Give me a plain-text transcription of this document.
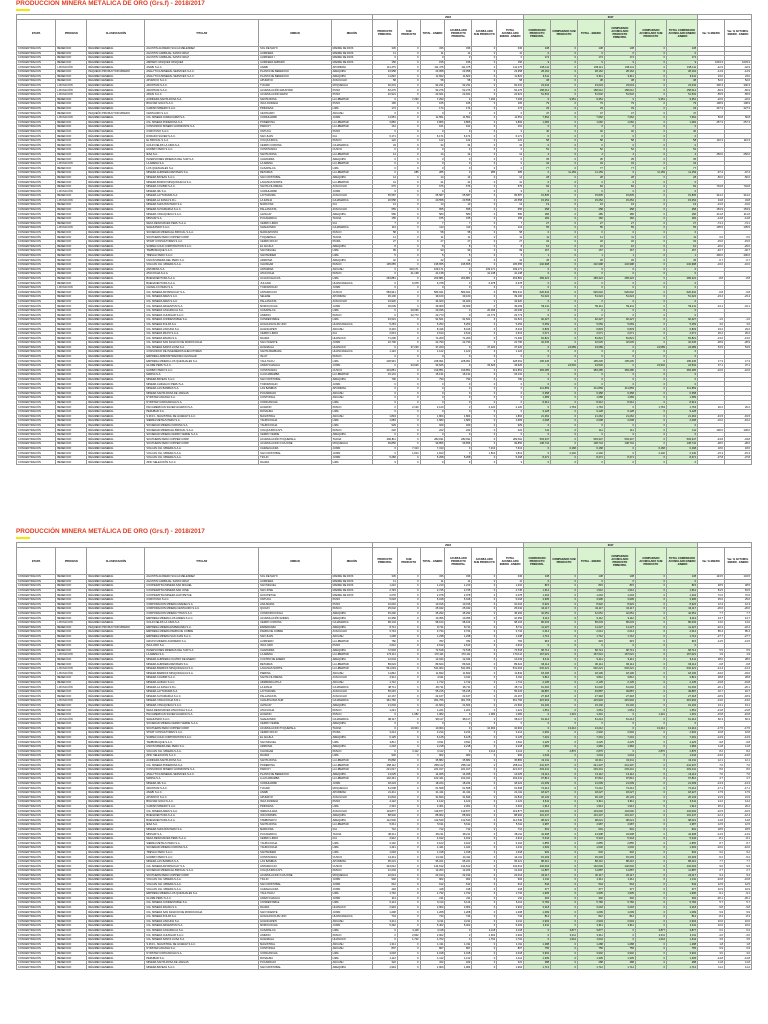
PRODUCCIÓN MINERA METÁLICA DE ORO (Grs.f) - 2018/2017
						2018						2017							
ETAPA	PROCESO	CLASIFICACIÓN	TITULAR	UNIDAD	REGIÓN	PRODUCTO PRINCIPAL	SUB PRODUCTO	TOTAL - ENERO	ACUMULADO PRODUCTO PRINCIPAL	ACUMULADO SUB PRODUCTO	TOTAL ACUMULADO ENERO - ENERO	COMPARADO PRODUCTO PRINCIPAL	COMPARADO SUB PRODUCTO	TOTAL - ENERO	COMPARADO ACUMULADO PRODUCTO PRINCIPAL	COMPARADO ACUMULADO SUB PRODUCTO	TOTAL COMPARADO ACUMULADO ENERO - ENERO	Var. % ENERO	Var. % ACTUMUL ENERO - ENERO
CONCENTRACIÓN	BENEFICIO	RÉGIMEN GENERAL	AGUSTIN ALFREDO SULCA MELENDEZ	SOL DE MAYO	MADRE DE DIOS	336	0	336	336	0	336	138	0	138	138	0	138		
CONCENTRACIÓN	BENEFICIO	RÉGIMEN GENERAL	AGUSTIN CARBAJAL SANTA CRUZ	AURIFERA	MADRE DE DIOS	11	0	11	11	0	11	0	0	0	0	0	0		
CONCENTRACIÓN	BENEFICIO	RÉGIMEN GENERAL	AGUSTIN CARBAJAL SANTA CRUZ	AURIFERA I	MADRE DE DIOS	0	0	0	0	0	0	174	0	174	174	0	174		
CONCENTRACIÓN	BENEFICIO	RÉGIMEN GENERAL	AMPARO VASQUEZ VASQUEZ	AURIFERA AMPARO	MADRE DE DIOS	156	0	156	156	0	156	9	0	9	9	0	9	1633.3	1633.3
CONCENTRACIÓN	LIXIVIACIÓN	RÉGIMEN GENERAL	ANABI S.A.C.	ANABI	APURIMAC	111,475	0	111,475	111,475	0	111,475	195,111	0	195,111	195,111	0	195,111	-42.9	-42.9
CONCENTRACIÓN	BENEFICIO	PEQUEÑO PRODUCTOR MINERO	ANALYTICA MINERAL SERVICES S.A.C.	PLANTA DE BENEFICIO	AREQUIPA	23,958	0	23,958	23,958	0	23,958	28,162	0	28,162	28,162	0	28,162	-14.9	-14.9
CONCENTRACIÓN	BENEFICIO	RÉGIMEN GENERAL	ANALYTICA MINERAL SERVICES S.A.C.	PLANTA DE BENEFICIO	AREQUIPA	11,822	0	11,822	11,822	0	11,822	9,611	0	9,611	9,611	0	9,611	23.0	23.0
CONCENTRACIÓN	BENEFICIO	RÉGIMEN GENERAL	APUMAYO S.A.C.	APUMAYO	AYACUCHO	58	0	58	58	0	58	38	0	38	38	0	38	52.6	52.6
CONCENTRACIÓN	LIXIVIACIÓN	RÉGIMEN GENERAL	ARUNTANI S.A.C.	TUCARI	MOQUEGUA	92,231	0	92,231	92,231	0	92,231	23,043	0	23,043	23,043	0	23,043	300.3	300.3
CONCENTRACIÓN	LIXIVIACIÓN	RÉGIMEN GENERAL	ARUNTANI S.A.C.	ACUMULACIÓN ARUNTANI	PUNO	52,276	0	52,276	52,276	0	52,276	158,012	0	158,012	158,012	0	158,012	-66.9	-66.9
CONCENTRACIÓN	LIXIVIACIÓN	RÉGIMEN GENERAL	ARASI S.A.C.	ACUMULACIÓN ARASI	PUNO	22,921	0	22,921	22,921	0	22,921	51,532	0	51,532	51,532	0	51,532	-55.5	-55.5
CONCENTRACIÓN	BENEFICIO	RÉGIMEN GENERAL	AURIFERA SANTA ROSA S.A.	SANTA ROSA	LA LIBERTAD	0	7,293	7,293	0	7,293	7,293	0	9,351	9,351	0	9,351	9,351	-22.0	-22.0
CONCENTRACIÓN	BENEFICIO	RÉGIMEN GENERAL	BOLIVAR GOLD S.A.C.	INCA DORADA	PUNO	165	0	165	165	0	165	79	0	79	79	0	79	108.9	108.9
CONCENTRACIÓN	BENEFICIO	RÉGIMEN GENERAL	CAMINO MINERO S.A.C.	PRINCESA	LIMA	174	0	174	174	0	174	33	0	33	33	0	33	427.3	427.3
CONCENTRACIÓN	BENEFICIO	PEQUEÑO PRODUCTOR MINERO	CENTAURO S.A.C.	CENTAURO	ANCASH	0	0	0	0	0	0	47	0	47	47	0	47		
CONCENTRACIÓN	LIXIVIACIÓN	RÉGIMEN GENERAL	CIA. MINERA CORIHUARMI S.A.	CORIHUARMI	JUNIN	11,551	0	11,551	11,551	0	11,551	7,662	0	7,662	7,662	0	7,662	50.8	50.8
CONCENTRACIÓN	BENEFICIO	RÉGIMEN GENERAL	CIA. MINERA PODEROSA S.A.	PODEROSA	LA LIBERTAD	3,866	0	3,866	3,866	0	3,866	1,082	0	1,082	1,082	0	1,082	257.3	257.3
CONCENTRACIÓN	BENEFICIO	RÉGIMEN GENERAL	CONSORCIO MINERO HORIZONTE S.A.	PARCOY	LA LIBERTAD	161	0	161	161	0	161	0	0	0	0	0	0		
CONCENTRACIÓN	BENEFICIO	RÉGIMEN GENERAL	CORI PUNO S.A.C.	UNTUCA	PUNO	0	0	0	0	0	0	40	0	40	40	0	40		
CONCENTRACIÓN	BENEFICIO	RÉGIMEN GENERAL	DORADO SILVER S.A.C.	SAN JUAN	ICA	6,171	0	6,171	6,171	0	6,171	0	0	0	0	0	0		
CONCENTRACIÓN	BENEFICIO	RÉGIMEN GENERAL	EL BROCAL S.A.A.	COLQUIJIRCA	PASCO	122	0	122	122	0	122	58	0	58	58	0	58	110.3	110.3
CONCENTRACIÓN	BENEFICIO	RÉGIMEN GENERAL	GOLD FIELDS LA CIMA S.A.	CERRO CORONA	CAJAMARCA	34	0	34	34	0	34	0	0	0	0	0	0		
CONCENTRACIÓN	BENEFICIO	RÉGIMEN GENERAL	HUDBAY PERU S.A.C.	CONSTANCIA	CUSCO	0	0	0	0	0	0	52	0	52	52	0	52		
CONCENTRACIÓN	BENEFICIO	RÉGIMEN GENERAL	IESA S.A.	SANTA ROSA	LA LIBERTAD	14	0	14	14	0	14	4	0	4	4	0	4	250.0	250.0
CONCENTRACIÓN	BENEFICIO	RÉGIMEN GENERAL	INVERSIONES MINERAS DEL SUR S.A.	CHAPARRA	AREQUIPA	0	0	0	0	0	0	35	0	35	35	0	35		
CONCENTRACIÓN	LIXIVIACIÓN	RÉGIMEN GENERAL	LA ARENA S.A.	LA ARENA	LA LIBERTAD	0	0	0	0	0	0	34	0	34	34	0	34		
CONCENTRACIÓN	BENEFICIO	RÉGIMEN GENERAL	LOS QUENUALES S.A.	CASAPALCA	LIMA	0	0	0	0	0	0	77	0	77	77	0	77		
CONCENTRACIÓN	BENEFICIO	RÉGIMEN GENERAL	MINERA AURIFERA RETAMAS S.A.	RETAMAS	LA LIBERTAD	0	285	285	0	285	285	0	11,159	11,159	0	11,159	11,159	-97.4	-97.4
CONCENTRACIÓN	BENEFICIO	RÉGIMEN GENERAL	MINERA BATEAS S.A.C.	SAN CRISTOBAL	AREQUIPA	14	0	14	14	0	14	28	0	28	28	0	28	-50.0	-50.0
CONCENTRACIÓN	BENEFICIO	RÉGIMEN GENERAL	MINERA BOROO MISQUICHILCA S.A.	LAGUNAS NORTE	LA LIBERTAD	41	0	41	41	0	41	0	0	0	0	0	0		
CONCENTRACIÓN	BENEFICIO	RÉGIMEN GENERAL	MINERA COLIBRI S.A.C.	SANTA FILOMENA	AYACUCHO	676	0	676	676	0	676	84	0	84	84	0	84	704.8	704.8
CONCENTRACIÓN	LIXIVIACIÓN	RÉGIMEN GENERAL	MINERA IRL S.A.	CORIHUARMI	JUNIN	9	0	9	9	0	9	0	0	0	0	0	0		
CONCENTRACIÓN	BENEFICIO	RÉGIMEN GENERAL	MINERA LAYTARUMA S.A.	LAYTARUMA	AYACUCHO	65,587	0	65,587	65,587	0	65,587	15,835	0	15,835	15,835	0	15,835	314.2	314.2
CONCENTRACIÓN	LIXIVIACIÓN	RÉGIMEN GENERAL	MINERA LA ZANJA S.R.L.	LA ZANJA	CAJAMARCA	20,558	0	20,558	20,558	0	20,558	15,252	0	15,252	15,252	0	15,252	34.8	34.8
CONCENTRACIÓN	BENEFICIO	RÉGIMEN GENERAL	MINERA SHOUXIN PERU S.A.	MARCONA	ICA	13	0	13	13	0	13	19	0	19	19	0	19	-31.6	-31.6
CONCENTRACIÓN	BENEFICIO	RÉGIMEN GENERAL	MINERA SUYAMARCA S.A.C.	PALLANCATA	AYACUCHO	655	0	655	655	0	655	258	0	258	258	0	258	153.9	153.9
CONCENTRACIÓN	BENEFICIO	RÉGIMEN GENERAL	MINERA YANAQUIHUA S.A.C.	ALPACAY	AREQUIPA	580	0	580	580	0	580	186	0	186	186	0	186	211.8	211.8
CONCENTRACIÓN	BENEFICIO	RÉGIMEN GENERAL	MINSUR S.A.	PUCAMARCA	TACNA	155	0	155	155	0	155	182	0	182	182	0	182	-14.8	-14.8
CONCENTRACIÓN	BENEFICIO	RÉGIMEN GENERAL	NEXA RESOURCES PERU S.A.A.	CERRO LINDO	ICA	7	0	7	7	0	7	27	0	27	27	0	27	-74.1	-74.1
CONCENTRACIÓN	LIXIVIACIÓN	RÉGIMEN GENERAL	SHAHUINDO S.A.C.	SHAHUINDO	CAJAMARCA	113	0	113	113	0	113	55	0	55	55	0	55	105.5	105.5
CONCENTRACIÓN	BENEFICIO	RÉGIMEN GENERAL	SOCIEDAD MINERA EL BROCAL S.A.A.	MARCAPUNTA	PASCO	58	0	58	58	0	58	0	0	0	0	0	0		
CONCENTRACIÓN	BENEFICIO	RÉGIMEN GENERAL	SOUTHERN PERU COPPER CORP.	TOQUEPALA	TACNA	11	0	11	11	0	11	11	0	11	11	0	11	0.0	0.0
CONCENTRACIÓN	BENEFICIO	RÉGIMEN GENERAL	STRAT CONSULTORES S.A.C.	CERRO ROJO	PIURA	27	0	27	27	0	27	32	0	32	32	0	32	-15.6	-15.6
CONCENTRACIÓN	BENEFICIO	RÉGIMEN GENERAL	SUMMA GOLD CORPORATION S.A.C.	EL AGUILA	AREQUIPA	8	0	8	8	0	8	10	0	10	10	0	10	-20.0	-20.0
CONCENTRACIÓN	BENEFICIO	RÉGIMEN GENERAL	TAMBORAQUE S.A.C.	SAN MIGUEL	LIMA	99	0	99	99	0	99	167	0	167	167	0	167	-40.7	-40.7
CONCENTRACIÓN	BENEFICIO	RÉGIMEN GENERAL	TREVALI PERU S.A.C.	SANTANDER	LIMA	5	0	5	5	0	5	1	0	1	1	0	1	400.0	400.0
CONCENTRACIÓN	BENEFICIO	RÉGIMEN GENERAL	UNION MINERA DEL PERU S.A.	ARMONIA	AREQUIPA	42	0	42	42	0	42	45	0	45	45	0	45	-6.7	-6.7
CONCENTRACIÓN	BENEFICIO	RÉGIMEN GENERAL	VOLCAN CIA. MINERA S.A.A.	CHUNGAR	PASCO	195,655	0	195,655	195,655	0	195,655	232,998	0	232,998	232,998	0	232,998	-16.0	-16.0
CONCENTRACIÓN	BENEFICIO	RÉGIMEN GENERAL	ANTAMINA S.A.	ANTAMINA	ANCASH	0	109,171	109,171	0	109,171	109,171	0	0	0	0	0	0		
CONCENTRACIÓN	BENEFICIO	RÉGIMEN GENERAL	ATACOCHA S.A.A.	ATACOCHA	PASCO	0	41,138	41,138	0	41,138	41,138	0	0	0	0	0	0		
CONCENTRACIÓN	BENEFICIO	RÉGIMEN GENERAL	BUENAVENTURA S.A.A.	UCHUCCHACUA	LIMA	263,881	0	263,881	263,881	0	263,881	289,324	0	289,324	289,324	0	289,324	-8.8	-8.8
CONCENTRACIÓN	BENEFICIO	RÉGIMEN GENERAL	BUENAVENTURA S.A.A.	JULCANI	HUANCAVELICA	0	6,378	6,378	0	6,378	6,378	0	0	0	0	0	0		
CONCENTRACIÓN	LIXIVIACIÓN	RÉGIMEN GENERAL	CHINALCO PERU S.A.	TOROMOCHO	JUNIN	0	0	0	0	0	0	0	0	0	0	0	0		
CONCENTRACIÓN	BENEFICIO	RÉGIMEN GENERAL	CIA. MINERA ANTAPACCAY S.A.	ANTAPACCAY	CUSCO	583,941	0	583,941	583,941	0	583,941	626,642	0	626,642	626,642	0	626,642	-6.8	-6.8
CONCENTRACIÓN	BENEFICIO	RÉGIMEN GENERAL	CIA. MINERA ARES S.A.C.	SELENE	APURIMAC	39,100	0	39,100	39,100	0	39,100	51,024	0	51,024	51,024	0	51,024	-23.4	-23.4
CONCENTRACIÓN	BENEFICIO	RÉGIMEN GENERAL	CIA. MINERA ARES S.A.C.	PALLANCATA	AYACUCHO	34,920	0	34,920	34,920	0	34,920	0	0	0	0	0	0		
CONCENTRACIÓN	BENEFICIO	RÉGIMEN GENERAL	CIA. MINERA ARGENTUM S.A.	MOROCOCHA	JUNIN	39,009	0	39,009	39,009	0	39,009	59,211	0	59,211	59,211	0	59,211	-34.1	-34.1
CONCENTRACIÓN	BENEFICIO	RÉGIMEN GENERAL	CIA. MINERA CASAPALCA S.A.	CASAPALCA	LIMA	0	20,036	20,036	0	20,036	20,036	0	0	0	0	0	0		
CONCENTRACIÓN	BENEFICIO	RÉGIMEN GENERAL	CIA. MINERA CHUNGAR S.A.C.	ANIMON	PASCO	0	22,773	22,773	0	22,773	22,773	0	0	0	0	0	0		
CONCENTRACIÓN	BENEFICIO	RÉGIMEN GENERAL	CIA. MINERA CONDESTABLE S.A.	CONDESTABLE	LIMA	91,521	0	91,521	91,521	0	91,521	92,427	0	92,427	92,427	0	92,427	-1.0	-1.0
CONCENTRACIÓN	BENEFICIO	RÉGIMEN GENERAL	CIA. MINERA KOLPA S.A.	HUACHOCOLPA UNO	HUANCAVELICA	5,253	0	5,253	5,253	0	5,253	5,069	0	5,069	5,069	0	5,069	3.6	3.6
CONCENTRACIÓN	BENEFICIO	RÉGIMEN GENERAL	CIA. MINERA LINCUNA S.A.	HUANCAPETI	ANCASH	8,416	0	8,416	8,416	0	8,416	6,833	0	6,833	6,833	0	6,833	23.2	23.2
CONCENTRACIÓN	BENEFICIO	RÉGIMEN GENERAL	CIA. MINERA MILPO S.A.A.	CERRO LINDO	ICA	2,613	0	2,613	2,613	0	2,613	2,071	0	2,071	2,071	0	2,071	26.2	26.2
CONCENTRACIÓN	BENEFICIO	RÉGIMEN GENERAL	CIA. MINERA RAURA S.A.	RAURA	HUANUCO	71,200	0	71,200	71,200	0	71,200	81,821	0	81,821	81,821	0	81,821	-13.0	-13.0
CONCENTRACIÓN	BENEFICIO	RÉGIMEN GENERAL	CIA. MINERA SAN IGNACIO DE MOROCOCHA	SAN VICENTE	JUNIN	22,790	0	22,790	22,790	0	22,790	32,045	0	32,045	32,045	0	32,045	-28.9	-28.9
CONCENTRACIÓN	BENEFICIO	RÉGIMEN GENERAL	CIA. MINERA SANTA LUISA S.A.	HUANZALA	HUANUCO	0	37,220	37,220	0	37,220	37,220	0	24,089	24,089	0	24,089	24,089	54.5	54.5
CONCENTRACIÓN	BENEFICIO	RÉGIMEN GENERAL	CONSORCIO DE INGENIEROS EJECUTORES	SANTA BARBARA	HUANCAVELICA	1,122	0	1,122	1,122	0	1,122	0	0	0	0	0	0		
CONCENTRACIÓN	BENEFICIO	RÉGIMEN GENERAL	EMPRESA ADMINISTRADORA CHUNGAR	ISLAY	PASCO	0	0	0	0	0	0	0	0	0	0	0	0		
CONCENTRACIÓN	BENEFICIO	RÉGIMEN GENERAL	EMPRESA MINERA LOS QUENUALES S.A.	YAULIYACU	LIMA	228,991	0	228,991	228,991	0	228,991	195,245	0	195,245	195,245	0	195,245	17.3	17.3
CONCENTRACIÓN	BENEFICIO	RÉGIMEN GENERAL	GLORE PERU S.A.C.	ANDAYCHAGUA	JUNIN	0	33,626	33,626	0	33,626	33,626	0	24,532	24,532	0	24,532	24,532	37.1	37.1
CONCENTRACIÓN	BENEFICIO	RÉGIMEN GENERAL	HUDBAY PERU S.A.C.	CONSTANCIA	CUSCO	319,851	0	319,851	319,851	0	319,851	383,285	0	383,285	383,285	0	383,285	-16.6	-16.6
CONCENTRACIÓN	BENEFICIO	RÉGIMEN GENERAL	MARSA S.A.	LLACUABAMBA	LA LIBERTAD	15,131	0	15,131	15,131	0	15,131	0	0	0	0	0	0		
CONCENTRACIÓN	BENEFICIO	RÉGIMEN GENERAL	MINERA BATEAS S.A.C.	SAN CRISTOBAL	AREQUIPA	790	0	790	790	0	790	0	0	0	0	0	0		
CONCENTRACIÓN	BENEFICIO	RÉGIMEN GENERAL	MINERA CHINALCO PERU S.A.	TOROMOCHO	JUNIN	0	0	0	0	0	0	0	0	0	0	0	0		
CONCENTRACIÓN	BENEFICIO	RÉGIMEN GENERAL	MINERA LAS BAMBAS S.A.	LAS BAMBAS	APURIMAC	0	0	0	0	0	0	411,869	0	411,869	411,869	0	411,869		
CONCENTRACIÓN	BENEFICIO	RÉGIMEN GENERAL	MINERA SANTA ROSA DE JANGAS	PUCARRAJO	ANCASH	0	0	0	0	0	0	6,358	0	6,358	6,358	0	6,358		
CONCENTRACIÓN	BENEFICIO	RÉGIMEN GENERAL	NYRSTAR ANCASH S.A.	CONTONGA	ANCASH	0	0	0	0	0	0	1,689	0	1,689	1,689	0	1,689		
CONCENTRACIÓN	BENEFICIO	RÉGIMEN GENERAL	NYRSTAR CORICANCHA S.A.	CORICANCHA	LIMA	0	0	0	0	0	0	8,312	0	8,312	8,312	0	8,312		
CONCENTRACIÓN	BENEFICIO	RÉGIMEN GENERAL	PAN AMERICAN SILVER HUARON S.A.	HUARON	PASCO	0	2,120	2,120	0	2,120	2,120	0	1,763	1,763	0	1,763	1,763	20.2	20.2
CONCENTRACIÓN	BENEFICIO	RÉGIMEN GENERAL	PERUBAR S.A.	ROSAURA	LIMA	0	0	0	0	0	0	9,128	0	9,128	9,128	0	9,128		
CONCENTRACIÓN	BENEFICIO	RÉGIMEN GENERAL	S.M.R.L. MAGISTRAL DE HUARAZ S.A.C.	MAGISTRAL	ANCASH	1,804	0	1,804	1,804	0	1,804	21,262	0	21,262	21,262	0	21,262	-91.5	-91.5
CONCENTRACIÓN	BENEFICIO	RÉGIMEN GENERAL	SIERRA METALS PERU S.A.	YAURICOCHA	LIMA	1,683	0	1,683	1,683	0	1,683	2,008	0	2,008	2,008	0	2,008	-16.2	-16.2
CONCENTRACIÓN	BENEFICIO	RÉGIMEN GENERAL	SOCIEDAD MINERA CORONA S.A.	YAURICOCHA	LIMA	929	0	929	929	0	929	0	0	0	0	0	0		
CONCENTRACIÓN	BENEFICIO	RÉGIMEN GENERAL	SOCIEDAD MINERA EL BROCAL S.A.A.	COLQUIJIRCA N°1	PASCO	222	0	222	222	0	222	111	0	111	111	0	111	100.0	100.0
CONCENTRACIÓN	BENEFICIO	RÉGIMEN GENERAL	SOCIEDAD MINERA CERRO VERDE S.A.A.	CERRO VERDE	AREQUIPA	0	0	0	0	0	0	0	0	0	0	0	0		
CONCENTRACIÓN	BENEFICIO	RÉGIMEN GENERAL	SOUTHERN PERU COPPER CORP.	ACUMULACIÓN TOQUEPALA	TACNA	282,811	0	282,811	282,811	0	282,811	503,347	0	503,347	503,347	0	503,347	-43.8	-43.8
CONCENTRACIÓN	BENEFICIO	RÉGIMEN GENERAL	SOUTHERN PERU COPPER CORP.	ACUMULACIÓN CUAJONE	MOQUEGUA	99,856	0	99,856	99,856	0	99,856	138,744	0	138,744	138,744	0	138,744	-28.0	-28.0
CONCENTRACIÓN	BENEFICIO	RÉGIMEN GENERAL	VOLCAN CIA. MINERA S.A.A.	CARAHUACRA	JUNIN	0	7,313	7,313	0	7,313	7,313	0	6,168	6,168	0	6,168	6,168	18.6	18.6
CONCENTRACIÓN	BENEFICIO	RÉGIMEN GENERAL	VOLCAN CIA. MINERA S.A.A.	SAN CRISTOBAL	JUNIN	0	1,813	1,813	0	1,813	1,813	0	2,140	2,140	0	2,140	2,140	-15.3	-15.3
CONCENTRACIÓN	BENEFICIO	RÉGIMEN GENERAL	VOLCAN CIA. MINERA S.A.A.	TICLIO	JUNIN	5,268	0	5,268	5,268	0	5,268	8,471	0	8,471	8,471	0	8,471	-37.8	-37.8
CONCENTRACIÓN	BENEFICIO	RÉGIMEN GENERAL	ZINC SELECCIÓN S.A.C.	RAURA	LIMA	9	0	9	9	0	9	0	0	0	0	0	0		
PRODUCCIÓN MINERA METÁLICA DE ORO (Grs.f) - 2018/2017
						2018						2017							
ETAPA	PROCESO	CLASIFICACIÓN	TITULAR	UNIDAD	REGIÓN	PRODUCTO PRINCIPAL	SUB PRODUCTO	TOTAL - ENERO	ACUMULADO PRODUCTO PRINCIPAL	ACUMULADO SUB PRODUCTO	TOTAL ACUMULADO ENERO - ENERO	COMPARADO PRODUCTO PRINCIPAL	COMPARADO SUB PRODUCTO	TOTAL - ENERO	COMPARADO ACUMULADO PRODUCTO PRINCIPAL	COMPARADO ACUMULADO SUB PRODUCTO	TOTAL COMPARADO ACUMULADO ENERO - ENERO	Var. % ENERO	Var. % ACTUMUL ENERO - ENERO
CONCENTRACIÓN	BENEFICIO	RÉGIMEN GENERAL	AGUSTIN ALFREDO SULCA MELENDEZ	SOL DE MAYO	MADRE DE DIOS	336	0	336	336	0	336	138	0	138	138	0	138	143.5	143.5
CONCENTRACIÓN	BENEFICIO	RÉGIMEN GENERAL	AGUSTIN CARBAJAL SANTA CRUZ	AURIFERA	MADRE DE DIOS	11	0	11	11	0	11	0	0	0	0	0	0		
CONCENTRACIÓN	BENEFICIO	RÉGIMEN GENERAL	COOPERATIVA MINERA SAN MIGUEL	SAN MIGUEL	MADRE DE DIOS	1,210	0	1,210	1,210	0	1,210	815	0	815	815	0	815	48.5	48.5
CONCENTRACIÓN	BENEFICIO	RÉGIMEN GENERAL	COOPERATIVA MINERA SAN JOSE	SAN JOSE	MADRE DE DIOS	2,745	0	2,745	2,745	0	2,745	1,512	0	1,512	1,512	0	1,512	81.5	81.5
CONCENTRACIÓN	BENEFICIO	RÉGIMEN GENERAL	COOPERATIVA MINERA HUAYPETUE	HUAYPETUE	MADRE DE DIOS	2,078	0	2,078	2,078	0	2,078	1,204	0	1,204	1,204	0	1,204	72.6	72.6
CONCENTRACIÓN	BENEFICIO	RÉGIMEN GENERAL	CORI PUNO S.A.C.	UNTUCA	PUNO	5,018	0	5,018	5,018	0	5,018	3,995	0	3,995	3,995	0	3,995	25.6	25.6
CONCENTRACIÓN	BENEFICIO	RÉGIMEN GENERAL	CORPORACIÓN MINERA ANANEA S.A.	ANA MARIA	PUNO	10,016	0	10,016	10,016	0	10,016	8,922	0	8,922	8,922	0	8,922	12.3	12.3
CONCENTRACIÓN	BENEFICIO	RÉGIMEN GENERAL	CORPORACIÓN MINERA CENTAURO S.A.C.	QUICAY	PASCO	25,042	0	25,042	25,042	0	25,042	34,117	0	34,117	34,117	0	34,117	-26.6	-26.6
CONCENTRACIÓN	BENEFICIO	RÉGIMEN GENERAL	CORPORACIÓN MINERA TITAN S.A.C.	CONDORCCOCHA	AREQUIPA	45,292	0	45,292	45,292	0	45,292	42,051	0	42,051	42,051	0	42,051	7.7	7.7
CONCENTRACIÓN	BENEFICIO	RÉGIMEN GENERAL	EMPRESA MINERA LOS ANDES S.A.C.	ACUMULACIÓN ANDES	AREQUIPA	10,356	0	10,356	10,356	0	10,356	9,112	0	9,112	9,112	0	9,112	13.7	13.7
CONCENTRACIÓN	LIXIVIACIÓN	RÉGIMEN GENERAL	GOLD FIELDS LA CIMA S.A.	CERRO CORONA	CAJAMARCA	98,104	0	98,104	98,104	0	98,104	86,033	0	86,033	86,033	0	86,033	14.0	14.0
CONCENTRACIÓN	BENEFICIO	PEQUEÑO PRODUCTOR MINERO	EMPRESA MINERA ESPERANZA S.A.	ESPERANZA	AREQUIPA	8,711	0	8,711	8,711	0	8,711	11,227	0	11,227	11,227	0	11,227	-22.4	-22.4
CONCENTRACIÓN	BENEFICIO	RÉGIMEN GENERAL	EMPRESA MINERA PAMPA DE COBRE	PAMPA DE COBRE	AYACUCHO	3,734	0	3,734	3,734	0	3,734	2,014	0	2,014	2,014	0	2,014	85.4	85.4
CONCENTRACIÓN	BENEFICIO	RÉGIMEN GENERAL	EMPRESA MINERA SAN JUAN S.A.C.	SAN JUAN	ANCASH	1,238	0	1,238	1,238	0	1,238	1,712	0	1,712	1,712	0	1,712	-27.7	-27.7
CONCENTRACIÓN	BENEFICIO	RÉGIMEN GENERAL	GRUPO MINERO AURIFERO S.A.	AURIFERO	LA LIBERTAD	782	0	782	782	0	782	915	0	915	915	0	915	-14.5	-14.5
CONCENTRACIÓN	BENEFICIO	RÉGIMEN GENERAL	INCA ORO S.A.	INCA ORO	PUNO	2,612	0	2,612	2,612	0	2,612	0	0	0	0	0	0		
CONCENTRACIÓN	BENEFICIO	RÉGIMEN GENERAL	INVERSIONES MINERAS DEL SUR S.A.	CHAPARRA	AREQUIPA	72,518	0	72,518	72,518	0	72,518	68,714	0	68,714	68,714	0	68,714	5.5	5.5
CONCENTRACIÓN	LIXIVIACIÓN	RÉGIMEN GENERAL	LA ARENA S.A.	LA ARENA	LA LIBERTAD	170,111	0	170,111	170,111	0	170,111	167,021	0	167,021	167,021	0	167,021	1.9	1.9
CONCENTRACIÓN	BENEFICIO	RÉGIMEN GENERAL	MINERA AURIFERA CUATRO DE ENERO	CUATRO DE ENERO	AREQUIPA	12,044	0	12,044	12,044	0	12,044	9,411	0	9,411	9,411	0	9,411	28.0	28.0
CONCENTRACIÓN	BENEFICIO	RÉGIMEN GENERAL	MINERA AURIFERA RETAMAS S.A.	RETAMAS	LA LIBERTAD	89,624	0	89,624	89,624	0	89,624	96,114	0	96,114	96,114	0	96,114	-6.8	-6.8
CONCENTRACIÓN	LIXIVIACIÓN	RÉGIMEN GENERAL	MINERA BARRICK MISQUICHILCA S.A.	LAGUNAS NORTE	LA LIBERTAD	541,004	0	541,004	541,004	0	541,004	632,221	0	632,221	632,221	0	632,221	-14.4	-14.4
CONCENTRACIÓN	LIXIVIACIÓN	RÉGIMEN GENERAL	MINERA BARRICK MISQUICHILCA S.A.	PIERINA	ANCASH	11,842	0	11,842	11,842	0	11,842	18,106	0	18,106	18,106	0	18,106	-34.6	-34.6
CONCENTRACIÓN	BENEFICIO	RÉGIMEN GENERAL	MINERA COLIBRI S.A.C.	SANTA FILOMENA	AYACUCHO	4,911	0	4,911	4,911	0	4,911	3,812	0	3,812	3,812	0	3,812	28.8	28.8
CONCENTRACIÓN	BENEFICIO	RÉGIMEN GENERAL	MINERA HUINAC S.A.C.	ADMIRADA ATILA	ANCASH	1,712	0	1,712	1,712	0	1,712	2,135	0	2,135	2,135	0	2,135	-19.8	-19.8
CONCENTRACIÓN	LIXIVIACIÓN	RÉGIMEN GENERAL	MINERA LA ZANJA S.R.L.	LA ZANJA	CAJAMARCA	48,711	0	48,711	48,711	0	48,711	61,002	0	61,002	61,002	0	61,002	-20.1	-20.1
CONCENTRACIÓN	BENEFICIO	RÉGIMEN GENERAL	MINERA LAYTARUMA S.A.	LAYTARUMA	AYACUCHO	55,215	0	55,215	55,215	0	55,215	49,887	0	49,887	49,887	0	49,887	10.7	10.7
CONCENTRACIÓN	BENEFICIO	RÉGIMEN GENERAL	MINERA SUYAMARCA S.A.C.	PALLANCATA	AYACUCHO	22,167	0	22,167	22,167	0	22,167	27,318	0	27,318	27,318	0	27,318	-18.9	-18.9
CONCENTRACIÓN	LIXIVIACIÓN	RÉGIMEN GENERAL	MINERA YANACOCHA S.R.L.	CHAUPILOMA SUR	CAJAMARCA	361,766	0	361,766	361,766	0	361,766	415,904	0	415,904	415,904	0	415,904	-13.0	-13.0
CONCENTRACIÓN	BENEFICIO	RÉGIMEN GENERAL	MINERA YANAQUIHUA S.A.C.	ALPACAY	AREQUIPA	21,604	0	21,604	21,604	0	21,604	19,102	0	19,102	19,102	0	19,102	13.1	13.1
CONCENTRACIÓN	BENEFICIO	RÉGIMEN GENERAL	NEXA RESOURCES ATACOCHA S.A.A.	ATACOCHA	PASCO	1,221	0	1,221	1,221	0	1,221	1,561	0	1,561	1,561	0	1,561	-21.8	-21.8
CONCENTRACIÓN	BENEFICIO	RÉGIMEN GENERAL	PAN AMERICAN SILVER HUARON S.A.	HUARON	PASCO	0	1,082	1,082	0	1,082	1,082	0	1,301	1,301	0	1,301	1,301	-16.8	-16.8
CONCENTRACIÓN	LIXIVIACIÓN	RÉGIMEN GENERAL	SHAHUINDO S.A.C.	SHAHUINDO	CAJAMARCA	98,117	0	98,117	98,117	0	98,117	61,214	0	61,214	61,214	0	61,214	60.3	60.3
CONCENTRACIÓN	BENEFICIO	RÉGIMEN GENERAL	SOCIEDAD MINERA CERRO VERDE S.A.A.	CERRO VERDE	AREQUIPA	0	0	0	0	0	0	0	0	0	0	0	0		
CONCENTRACIÓN	BENEFICIO	RÉGIMEN GENERAL	SOUTHERN PERU COPPER CORP.	ACUMULACIÓN TOQUEPALA	TACNA	0	10,904	10,904	0	10,904	10,904	0	13,212	13,212	0	13,212	13,212	-17.5	-17.5
CONCENTRACIÓN	BENEFICIO	RÉGIMEN GENERAL	STRAT CONSULTORES S.A.C.	CERRO ROJO	PIURA	3,214	0	3,214	3,214	0	3,214	2,902	0	2,902	2,902	0	2,902	10.8	10.8
CONCENTRACIÓN	BENEFICIO	RÉGIMEN GENERAL	SUMMA GOLD CORPORATION S.A.C.	EL AGUILA	AREQUIPA	6,125	0	6,125	6,125	0	6,125	7,201	0	7,201	7,201	0	7,201	-14.9	-14.9
CONCENTRACIÓN	BENEFICIO	RÉGIMEN GENERAL	TAMBORAQUE S.A.C.	SAN MIGUEL	LIMA	3,811	0	3,811	3,811	0	3,811	4,225	0	4,225	4,225	0	4,225	-9.8	-9.8
CONCENTRACIÓN	BENEFICIO	RÉGIMEN GENERAL	UNION MINERA DEL PERU S.A.	ARMONIA	AREQUIPA	2,218	0	2,218	2,218	0	2,218	1,984	0	1,984	1,984	0	1,984	11.8	11.8
CONCENTRACIÓN	BENEFICIO	RÉGIMEN GENERAL	VOLCAN CIA. MINERA S.A.A.	CHUNGAR	PASCO	0	3,112	3,112	0	3,112	3,112	0	2,876	2,876	0	2,876	2,876	8.2	8.2
CONCENTRACIÓN	BENEFICIO	RÉGIMEN GENERAL	ZINC SELECCIÓN S.A.C.	RAURA	LIMA	902	0	902	902	0	902	1,044	0	1,044	1,044	0	1,044	-13.6	-13.6
CONCENTRACIÓN	BENEFICIO	RÉGIMEN GENERAL	AURIFERA SANTA ROSA S.A.	SANTA ROSA	LA LIBERTAD	35,882	0	35,882	35,882	0	35,882	32,011	0	32,011	32,011	0	32,011	12.1	12.1
CONCENTRACIÓN	BENEFICIO	RÉGIMEN GENERAL	CIA. MINERA PODEROSA S.A.	PODEROSA	LA LIBERTAD	258,112	0	258,112	258,112	0	258,112	241,337	0	241,337	241,337	0	241,337	7.0	7.0
CONCENTRACIÓN	BENEFICIO	RÉGIMEN GENERAL	CONSORCIO MINERO HORIZONTE S.A.	PARCOY	LA LIBERTAD	221,017	0	221,017	221,017	0	221,017	203,441	0	203,441	203,441	0	203,441	8.6	8.6
CONCENTRACIÓN	BENEFICIO	RÉGIMEN GENERAL	ANALYTICA MINERAL SERVICES S.A.C.	PLANTA DE BENEFICIO	AREQUIPA	14,025	0	14,025	14,025	0	14,025	13,112	0	13,112	13,112	0	13,112	7.0	7.0
CONCENTRACIÓN	BENEFICIO	RÉGIMEN GENERAL	MARSA S.A.	LLACUABAMBA	LA LIBERTAD	102,441	0	102,441	102,441	0	102,441	97,812	0	97,812	97,812	0	97,812	4.7	4.7
CONCENTRACIÓN	BENEFICIO	RÉGIMEN GENERAL	MINERA IRL S.A.	CORIHUARMI	JUNIN	18,224	0	18,224	18,224	0	18,224	21,009	0	21,009	21,009	0	21,009	-13.3	-13.3
CONCENTRACIÓN	BENEFICIO	RÉGIMEN GENERAL	ARUNTANI S.A.C.	TUCARI	MOQUEGUA	61,508	0	61,508	61,508	0	61,508	74,212	0	74,212	74,212	0	74,212	-17.1	-17.1
CONCENTRACIÓN	BENEFICIO	RÉGIMEN GENERAL	ANABI S.A.C.	ANABI	APURIMAC	21,411	0	21,411	21,411	0	21,411	18,227	0	18,227	18,227	0	18,227	17.5	17.5
CONCENTRACIÓN	BENEFICIO	RÉGIMEN GENERAL	APUMAYO S.A.C.	APUMAYO	AYACUCHO	31,844	0	31,844	31,844	0	31,844	26,133	0	26,133	26,133	0	26,133	21.9	21.9
CONCENTRACIÓN	BENEFICIO	RÉGIMEN GENERAL	BOLIVAR GOLD S.A.C.	INCA DORADA	PUNO	4,122	0	4,122	4,122	0	4,122	3,611	0	3,611	3,611	0	3,611	14.2	14.2
CONCENTRACIÓN	BENEFICIO	RÉGIMEN GENERAL	CAMINO MINERO S.A.C.	PRINCESA	LIMA	2,301	0	2,301	2,301	0	2,301	1,914	0	1,914	1,914	0	1,914	20.2	20.2
CONCENTRACIÓN	BENEFICIO	RÉGIMEN GENERAL	CIA. MINERA ARES S.A.C.	INMACULADA	AYACUCHO	119,877	0	119,877	119,877	0	119,877	134,002	0	134,002	134,002	0	134,002	-10.5	-10.5
CONCENTRACIÓN	BENEFICIO	RÉGIMEN GENERAL	BUENAVENTURA S.A.A.	ORCOPAMPA	AREQUIPA	88,902	0	88,902	88,902	0	88,902	101,447	0	101,447	101,447	0	101,447	-12.4	-12.4
CONCENTRACIÓN	BENEFICIO	RÉGIMEN GENERAL	BUENAVENTURA S.A.A.	TAMBOMAYO	AREQUIPA	112,540	0	112,540	112,540	0	112,540	98,021	0	98,021	98,021	0	98,021	14.8	14.8
CONCENTRACIÓN	BENEFICIO	RÉGIMEN GENERAL	IESA S.A.	SANTA ROSA	LA LIBERTAD	5,611	0	5,611	5,611	0	5,611	4,987	0	4,987	4,987	0	4,987	12.5	12.5
CONCENTRACIÓN	BENEFICIO	RÉGIMEN GENERAL	MINERA SHOUXIN PERU S.A.	MARCONA	ICA	712	0	712	712	0	712	601	0	601	601	0	601	18.5	18.5
CONCENTRACIÓN	BENEFICIO	RÉGIMEN GENERAL	MINSUR S.A.	PUCAMARCA	TACNA	38,211	0	38,211	38,211	0	38,211	44,908	0	44,908	44,908	0	44,908	-14.9	-14.9
CONCENTRACIÓN	BENEFICIO	RÉGIMEN GENERAL	NEXA RESOURCES PERU S.A.A.	CERRO LINDO	ICA	4,912	0	4,912	4,912	0	4,912	5,344	0	5,344	5,344	0	5,344	-8.1	-8.1
CONCENTRACIÓN	BENEFICIO	RÉGIMEN GENERAL	SIERRA METALS PERU S.A.	YAURICOCHA	LIMA	3,102	0	3,102	3,102	0	3,102	2,855	0	2,855	2,855	0	2,855	8.7	8.7
CONCENTRACIÓN	BENEFICIO	RÉGIMEN GENERAL	SOCIEDAD MINERA CORONA S.A.	YAURICOCHA	LIMA	1,441	0	1,441	1,441	0	1,441	1,602	0	1,602	1,602	0	1,602	-10.0	-10.0
CONCENTRACIÓN	BENEFICIO	RÉGIMEN GENERAL	TREVALI PERU S.A.C.	SANTANDER	LIMA	1,018	0	1,018	1,018	0	1,018	932	0	932	932	0	932	9.2	9.2
CONCENTRACIÓN	BENEFICIO	RÉGIMEN GENERAL	HUDBAY PERU S.A.C.	CONSTANCIA	CUSCO	14,411	0	14,411	14,411	0	14,411	15,203	0	15,203	15,203	0	15,203	-5.2	-5.2
CONCENTRACIÓN	BENEFICIO	RÉGIMEN GENERAL	MINERA LAS BAMBAS S.A.	LAS BAMBAS	APURIMAC	95,221	0	95,221	95,221	0	95,221	88,410	0	88,410	88,410	0	88,410	7.7	7.7
CONCENTRACIÓN	BENEFICIO	RÉGIMEN GENERAL	CIA. MINERA ANTAPACCAY S.A.	ANTAPACCAY	CUSCO	144,612	0	144,612	144,612	0	144,612	132,004	0	132,004	132,004	0	132,004	9.6	9.6
CONCENTRACIÓN	BENEFICIO	RÉGIMEN GENERAL	SOCIEDAD MINERA EL BROCAL S.A.A.	COLQUIJIRCA N°1	PASCO	12,204	0	12,204	12,204	0	12,204	11,887	0	11,887	11,887	0	11,887	2.7	2.7
CONCENTRACIÓN	BENEFICIO	RÉGIMEN GENERAL	SOUTHERN PERU COPPER CORP.	ACUMULACIÓN CUAJONE	MOQUEGUA	22,014	0	22,014	22,014	0	22,014	20,117	0	20,117	20,117	0	20,117	9.4	9.4
CONCENTRACIÓN	BENEFICIO	RÉGIMEN GENERAL	VOLCAN CIA. MINERA S.A.A.	TICLIO	JUNIN	902	0	902	902	0	902	1,011	0	1,011	1,011	0	1,011	-10.8	-10.8
CONCENTRACIÓN	BENEFICIO	RÉGIMEN GENERAL	VOLCAN CIA. MINERA S.A.A.	SAN CRISTOBAL	JUNIN	612	0	612	612	0	612	544	0	544	544	0	544	12.5	12.5
CONCENTRACIÓN	BENEFICIO	RÉGIMEN GENERAL	VOLCAN CIA. MINERA S.A.A.	CARAHUACRA	JUNIN	418	0	418	418	0	418	377	0	377	377	0	377	10.9	10.9
CONCENTRACIÓN	BENEFICIO	RÉGIMEN GENERAL	EMPRESA MINERA LOS QUENUALES S.A.	YAULIYACU	LIMA	1,732	0	1,732	1,732	0	1,732	1,905	0	1,905	1,905	0	1,905	-9.1	-9.1
CONCENTRACIÓN	BENEFICIO	RÉGIMEN GENERAL	GLORE PERU S.A.C.	ANDAYCHAGUA	JUNIN	211	0	211	211	0	211	302	0	302	302	0	302	-30.1	-30.1
CONCENTRACIÓN	BENEFICIO	RÉGIMEN GENERAL	CIA. MINERA CONDESTABLE S.A.	CONDESTABLE	LIMA	6,114	0	6,114	6,114	0	6,114	5,782	0	5,782	5,782	0	5,782	5.7	5.7
CONCENTRACIÓN	BENEFICIO	RÉGIMEN GENERAL	CIA. MINERA RAURA S.A.	RAURA	HUANUCO	2,904	0	2,904	2,904	0	2,904	3,218	0	3,218	3,218	0	3,218	-9.8	-9.8
CONCENTRACIÓN	BENEFICIO	RÉGIMEN GENERAL	CIA. MINERA SAN IGNACIO DE MOROCOCHA	SAN VICENTE	JUNIN	1,208	0	1,208	1,208	0	1,208	1,099	0	1,099	1,099	0	1,099	9.9	9.9
CONCENTRACIÓN	BENEFICIO	RÉGIMEN GENERAL	CIA. MINERA KOLPA S.A.	HUACHOCOLPA UNO	HUANCAVELICA	744	0	744	744	0	744	812	0	812	812	0	812	-8.4	-8.4
CONCENTRACIÓN	BENEFICIO	RÉGIMEN GENERAL	CIA. MINERA LINCUNA S.A.	HUANCAPETI	ANCASH	3,211	0	3,211	3,211	0	3,211	2,904	0	2,904	2,904	0	2,904	10.6	10.6
CONCENTRACIÓN	BENEFICIO	RÉGIMEN GENERAL	CIA. MINERA ARGENTUM S.A.	MOROCOCHA	JUNIN	5,402	0	5,402	5,402	0	5,402	4,911	0	4,911	4,911	0	4,911	10.0	10.0
CONCENTRACIÓN	BENEFICIO	RÉGIMEN GENERAL	CIA. MINERA CASAPALCA S.A.	CASAPALCA	LIMA	0	4,118	4,118	0	4,118	4,118	0	3,877	3,877	0	3,877	3,877	6.2	6.2
CONCENTRACIÓN	BENEFICIO	RÉGIMEN GENERAL	CIA. MINERA CHUNGAR S.A.C.	ANIMON	PASCO	0	2,902	2,902	0	2,902	2,902	0	3,011	3,011	0	3,011	3,011	-3.6	-3.6
CONCENTRACIÓN	BENEFICIO	RÉGIMEN GENERAL	CIA. MINERA SANTA LUISA S.A.	HUANZALA	HUANUCO	0	1,702	1,702	0	1,702	1,702	0	1,644	1,644	0	1,644	1,644	3.5	3.5
CONCENTRACIÓN	BENEFICIO	RÉGIMEN GENERAL	S.M.R.L. MAGISTRAL DE HUARAZ S.A.C.	MAGISTRAL	ANCASH	1,311	0	1,311	1,311	0	1,311	1,288	0	1,288	1,288	0	1,288	1.8	1.8
CONCENTRACIÓN	BENEFICIO	RÉGIMEN GENERAL	NYRSTAR ANCASH S.A.	CONTONGA	ANCASH	807	0	807	807	0	807	755	0	755	755	0	755	6.9	6.9
CONCENTRACIÓN	BENEFICIO	RÉGIMEN GENERAL	NYRSTAR CORICANCHA S.A.	CORICANCHA	LIMA	4,018	0	4,018	4,018	0	4,018	3,902	0	3,902	3,902	0	3,902	3.0	3.0
CONCENTRACIÓN	BENEFICIO	RÉGIMEN GENERAL	PERUBAR S.A.	ROSAURA	LIMA	1,112	0	1,112	1,112	0	1,112	1,305	0	1,305	1,305	0	1,305	-14.8	-14.8
CONCENTRACIÓN	BENEFICIO	RÉGIMEN GENERAL	MINERA SANTA ROSA DE JANGAS	PUCARRAJO	ANCASH	322	0	322	322	0	322	288	0	288	288	0	288	11.8	11.8
CONCENTRACIÓN	BENEFICIO	RÉGIMEN GENERAL	MINERA BATEAS S.A.C.	SAN CRISTOBAL	AREQUIPA	1,904	0	1,904	1,904	0	1,904	1,712	0	1,712	1,712	0	1,712	11.2	11.2
